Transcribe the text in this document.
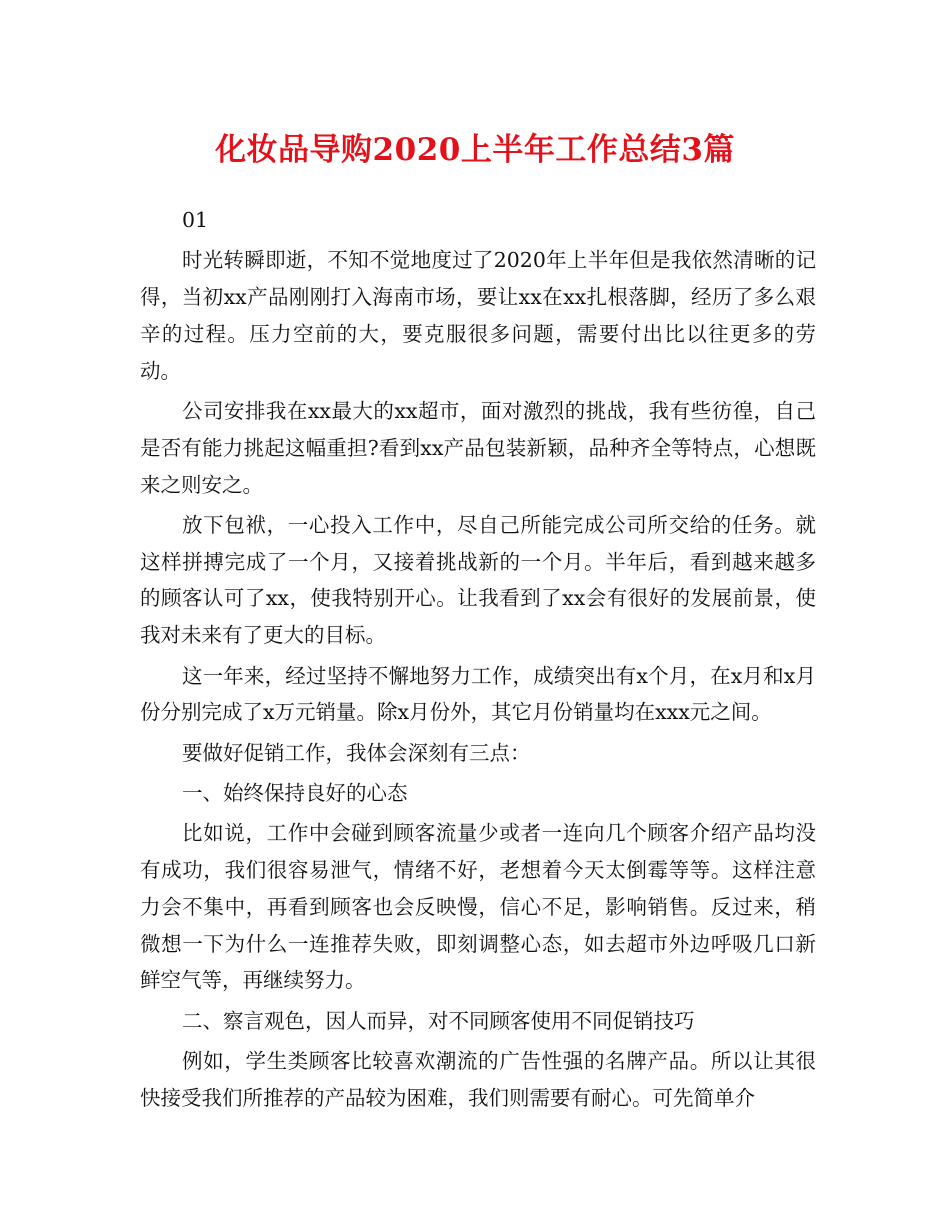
化妆品导购2020上半年工作总结3篇

01

时光转瞬即逝，不知不觉地度过了2020年上半年但是我依然清晰的记得，当初xx产品刚刚打入海南市场，要让xx在xx扎根落脚，经历了多么艰辛的过程。压力空前的大，要克服很多问题，需要付出比以往更多的劳动。

公司安排我在xx最大的xx超市，面对激烈的挑战，我有些彷徨，自己是否有能力挑起这幅重担?看到xx产品包装新颖，品种齐全等特点，心想既来之则安之。

放下包袱，一心投入工作中，尽自己所能完成公司所交给的任务。就这样拼搏完成了一个月，又接着挑战新的一个月。半年后，看到越来越多的顾客认可了xx，使我特别开心。让我看到了xx会有很好的发展前景，使我对未来有了更大的目标。

这一年来，经过坚持不懈地努力工作，成绩突出有x个月，在x月和x月份分别完成了x万元销量。除x月份外，其它月份销量均在xxx元之间。

要做好促销工作，我体会深刻有三点：

一、始终保持良好的心态

比如说，工作中会碰到顾客流量少或者一连向几个顾客介绍产品均没有成功，我们很容易泄气，情绪不好，老想着今天太倒霉等等。这样注意力会不集中，再看到顾客也会反映慢，信心不足，影响销售。反过来，稍微想一下为什么一连推荐失败，即刻调整心态，如去超市外边呼吸几口新鲜空气等，再继续努力。

二、察言观色，因人而异，对不同顾客使用不同促销技巧

例如，学生类顾客比较喜欢潮流的广告性强的名牌产品。所以让其很快接受我们所推荐的产品较为困难，我们则需要有耐心。可先简单介
